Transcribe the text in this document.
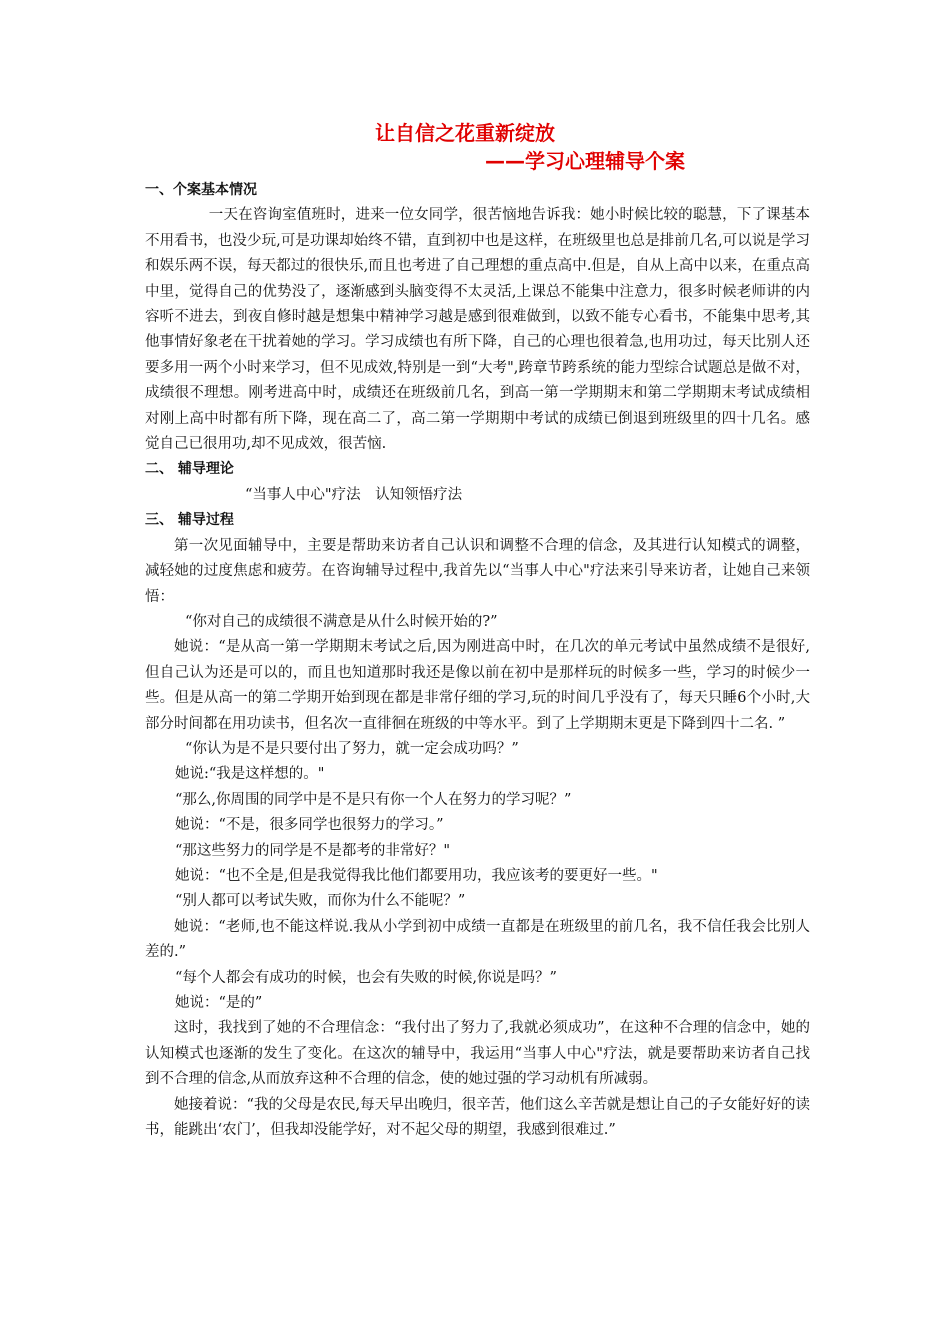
让自信之花重新绽放
——学习心理辅导个案

一、个案基本情况

一天在咨询室值班时，进来一位女同学，很苦恼地告诉我：她小时候比较的聪慧，下了课基本不用看书，也没少玩,可是功课却始终不错，直到初中也是这样，在班级里也总是排前几名,可以说是学习和娱乐两不误，每天都过的很快乐,而且也考进了自己理想的重点高中.但是，自从上高中以来，在重点高中里，觉得自己的优势没了，逐渐感到头脑变得不太灵活,上课总不能集中注意力，很多时候老师讲的内容听不进去，到夜自修时越是想集中精神学习越是感到很难做到，以致不能专心看书，不能集中思考,其他事情好象老在干扰着她的学习。学习成绩也有所下降，自己的心理也很着急,也用功过，每天比别人还要多用一两个小时来学习，但不见成效,特别是一到“大考",跨章节跨系统的能力型综合试题总是做不对，成绩很不理想。刚考进高中时，成绩还在班级前几名，到高一第一学期期末和第二学期期末考试成绩相对刚上高中时都有所下降，现在高二了，高二第一学期期中考试的成绩已倒退到班级里的四十几名。感觉自己已很用功,却不见成效，很苦恼.

二、 辅导理论

“当事人中心"疗法　认知领悟疗法

三、 辅导过程

第一次见面辅导中，主要是帮助来访者自己认识和调整不合理的信念，及其进行认知模式的调整，减轻她的过度焦虑和疲劳。在咨询辅导过程中,我首先以“当事人中心"疗法来引导来访者，让她自己来领悟：

“你对自己的成绩很不满意是从什么时候开始的?”

她说：“是从高一第一学期期末考试之后,因为刚进高中时，在几次的单元考试中虽然成绩不是很好,但自己认为还是可以的，而且也知道那时我还是像以前在初中是那样玩的时候多一些，学习的时候少一些。但是从高一的第二学期开始到现在都是非常仔细的学习,玩的时间几乎没有了，每天只睡6个小时,大部分时间都在用功读书，但名次一直徘徊在班级的中等水平。到了上学期期末更是下降到四十二名. ”

“你认为是不是只要付出了努力，就一定会成功吗？”

她说:“我是这样想的。"

“那么,你周围的同学中是不是只有你一个人在努力的学习呢？”

她说：“不是，很多同学也很努力的学习。”

“那这些努力的同学是不是都考的非常好？"

她说：“也不全是,但是我觉得我比他们都要用功，我应该考的要更好一些。"

“别人都可以考试失败，而你为什么不能呢？”

她说：“老师,也不能这样说.我从小学到初中成绩一直都是在班级里的前几名，我不信任我会比别人差的.”

“每个人都会有成功的时候，也会有失败的时候,你说是吗？”

她说：“是的”

这时，我找到了她的不合理信念：“我付出了努力了,我就必须成功”，在这种不合理的信念中，她的认知模式也逐渐的发生了变化。在这次的辅导中，我运用“当事人中心"疗法，就是要帮助来访者自己找到不合理的信念,从而放弃这种不合理的信念，使的她过强的学习动机有所减弱。

她接着说：“我的父母是农民,每天早出晚归，很辛苦，他们这么辛苦就是想让自己的子女能好好的读书，能跳出‘农门’，但我却没能学好，对不起父母的期望，我感到很难过.”
